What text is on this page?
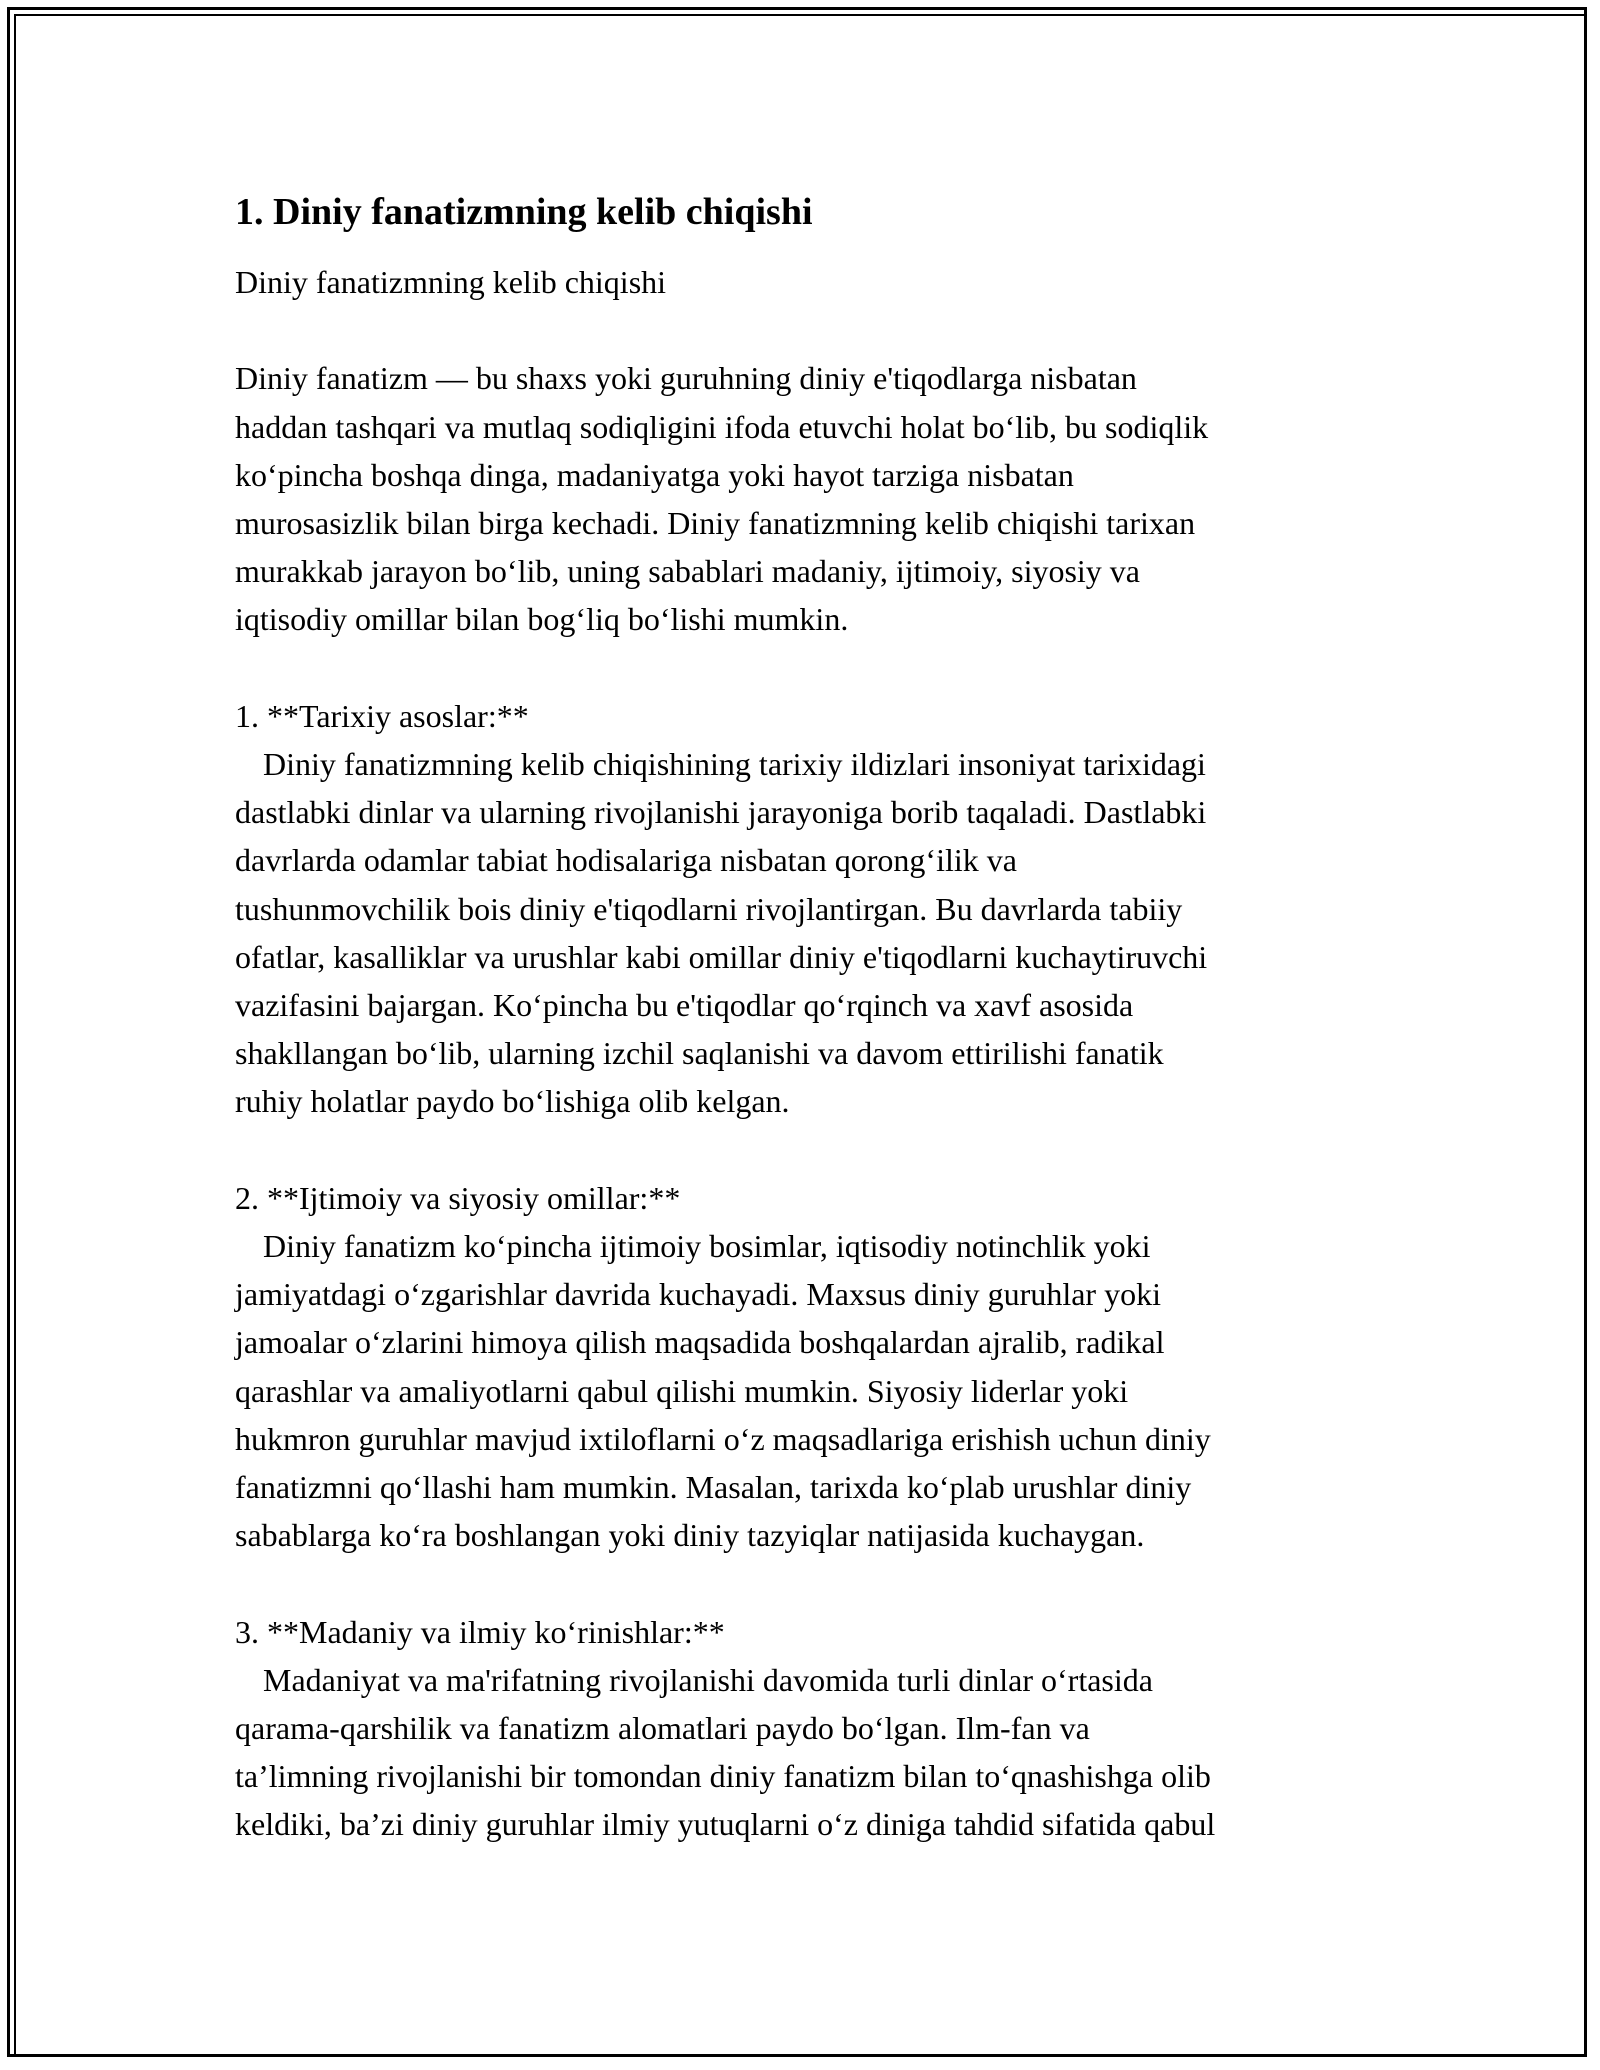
1. Diniy fanatizmning kelib chiqishi

Diniy fanatizmning kelib chiqishi

Diniy fanatizm — bu shaxs yoki guruhning diniy e'tiqodlarga nisbatan

haddan tashqari va mutlaq sodiqligini ifoda etuvchi holat bo‘lib, bu sodiqlik

ko‘pincha boshqa dinga, madaniyatga yoki hayot tarziga nisbatan

murosasizlik bilan birga kechadi. Diniy fanatizmning kelib chiqishi tarixan

murakkab jarayon bo‘lib, uning sabablari madaniy, ijtimoiy, siyosiy va

iqtisodiy omillar bilan bog‘liq bo‘lishi mumkin.

1. **Tarixiy asoslar:**

Diniy fanatizmning kelib chiqishining tarixiy ildizlari insoniyat tarixidagi

dastlabki dinlar va ularning rivojlanishi jarayoniga borib taqaladi. Dastlabki

davrlarda odamlar tabiat hodisalariga nisbatan qorong‘ilik va

tushunmovchilik bois diniy e'tiqodlarni rivojlantirgan. Bu davrlarda tabiiy

ofatlar, kasalliklar va urushlar kabi omillar diniy e'tiqodlarni kuchaytiruvchi

vazifasini bajargan. Ko‘pincha bu e'tiqodlar qo‘rqinch va xavf asosida

shakllangan bo‘lib, ularning izchil saqlanishi va davom ettirilishi fanatik

ruhiy holatlar paydo bo‘lishiga olib kelgan.

2. **Ijtimoiy va siyosiy omillar:**

Diniy fanatizm ko‘pincha ijtimoiy bosimlar, iqtisodiy notinchlik yoki

jamiyatdagi o‘zgarishlar davrida kuchayadi. Maxsus diniy guruhlar yoki

jamoalar o‘zlarini himoya qilish maqsadida boshqalardan ajralib, radikal

qarashlar va amaliyotlarni qabul qilishi mumkin. Siyosiy liderlar yoki

hukmron guruhlar mavjud ixtiloflarni o‘z maqsadlariga erishish uchun diniy

fanatizmni qo‘llashi ham mumkin. Masalan, tarixda ko‘plab urushlar diniy

sabablarga ko‘ra boshlangan yoki diniy tazyiqlar natijasida kuchaygan.

3. **Madaniy va ilmiy ko‘rinishlar:**

Madaniyat va ma'rifatning rivojlanishi davomida turli dinlar o‘rtasida

qarama-qarshilik va fanatizm alomatlari paydo bo‘lgan. Ilm-fan va

ta’limning rivojlanishi bir tomondan diniy fanatizm bilan to‘qnashishga olib

keldiki, ba’zi diniy guruhlar ilmiy yutuqlarni o‘z diniga tahdid sifatida qabul
